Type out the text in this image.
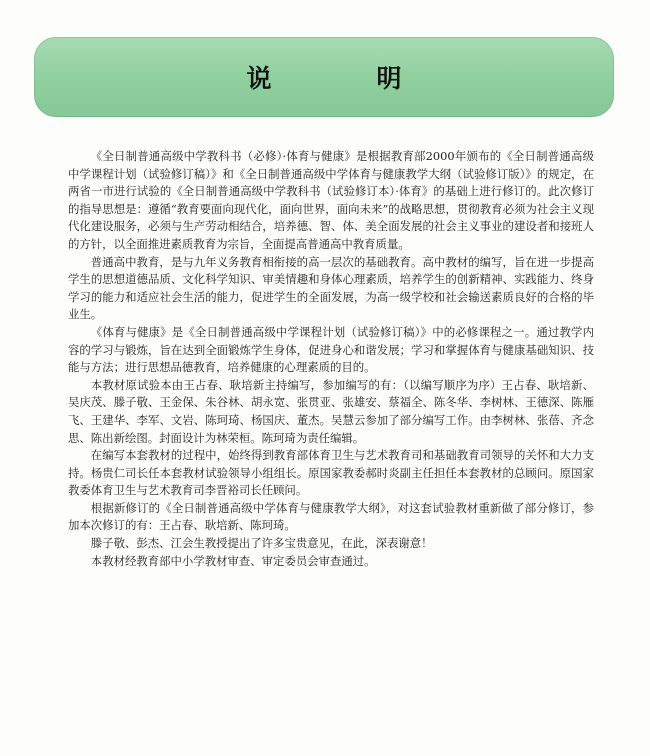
说　明

《全日制普通高级中学教科书（必修）·体育与健康》是根据教育部2000年颁布的《全日制普通高级中学课程计划（试验修订稿）》和《全日制普通高级中学体育与健康教学大纲（试验修订版）》的规定，在两省一市进行试验的《全日制普通高级中学教科书（试验修订本）·体育》的基础上进行修订的。此次修订的指导思想是：遵循“教育要面向现代化，面向世界，面向未来”的战略思想，贯彻教育必须为社会主义现代化建设服务，必须与生产劳动相结合，培养德、智、体、美全面发展的社会主义事业的建设者和接班人的方针，以全面推进素质教育为宗旨，全面提高普通高中教育质量。

普通高中教育，是与九年义务教育相衔接的高一层次的基础教育。高中教材的编写，旨在进一步提高学生的思想道德品质、文化科学知识、审美情趣和身体心理素质，培养学生的创新精神、实践能力、终身学习的能力和适应社会生活的能力，促进学生的全面发展，为高一级学校和社会输送素质良好的合格的毕业生。

《体育与健康》是《全日制普通高级中学课程计划（试验修订稿）》中的必修课程之一。通过教学内容的学习与锻炼，旨在达到全面锻炼学生身体，促进身心和谐发展；学习和掌握体育与健康基础知识、技能与方法；进行思想品德教育，培养健康的心理素质的目的。

本教材原试验本由王占春、耿培新主持编写，参加编写的有：（以编写顺序为序）王占春、耿培新、吴庆茂、滕子敬、王金保、朱谷林、胡永宽、张贯亚、张雄安、蔡福全、陈冬华、李树林、王德深、陈雁飞、王建华、李军、文岩、陈珂琦、杨国庆、董杰。吴慧云参加了部分编写工作。由李树林、张蓓、齐念思、陈出新绘图。封面设计为林荣桓。陈珂琦为责任编辑。

在编写本套教材的过程中，始终得到教育部体育卫生与艺术教育司和基础教育司领导的关怀和大力支持。杨贵仁司长任本套教材试验领导小组组长。原国家教委郝时炎副主任担任本套教材的总顾问。原国家教委体育卫生与艺术教育司李晋裕司长任顾问。

根据新修订的《全日制普通高级中学体育与健康教学大纲》，对这套试验教材重新做了部分修订，参加本次修订的有：王占春、耿培新、陈珂琦。

滕子敬、彭杰、江会生教授提出了许多宝贵意见，在此，深表谢意！

本教材经教育部中小学教材审查、审定委员会审查通过。
